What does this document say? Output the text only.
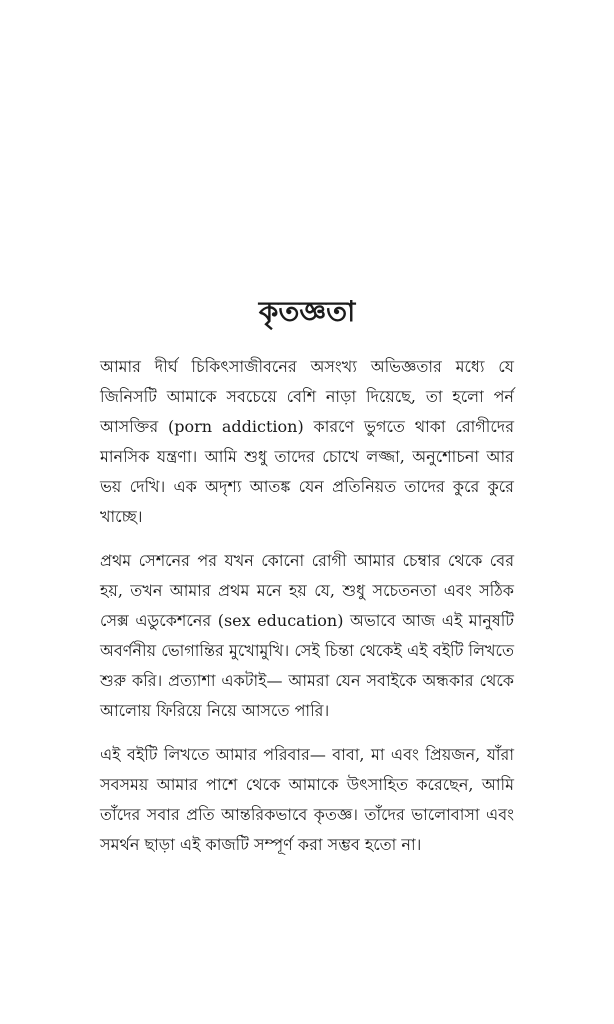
কৃতজ্ঞতা

আমার দীর্ঘ চিকিৎসাজীবনের অসংখ্য অভিজ্ঞতার মধ্যে যে জিনিসটি আমাকে সবচেয়ে বেশি নাড়া দিয়েছে, তা হলো পর্ন আসক্তির (porn addiction) কারণে ভুগতে থাকা রোগীদের মানসিক যন্ত্রণা। আমি শুধু তাদের চোখে লজ্জা, অনুশোচনা আর ভয় দেখি। এক অদৃশ্য আতঙ্ক যেন প্রতিনিয়ত তাদের কুরে কুরে খাচ্ছে।

প্রথম সেশনের পর যখন কোনো রোগী আমার চেম্বার থেকে বের হয়, তখন আমার প্রথম মনে হয় যে, শুধু সচেতনতা এবং সঠিক সেক্স এডুকেশনের (sex education) অভাবে আজ এই মানুষটি অবর্ণনীয় ভোগান্তির মুখোমুখি। সেই চিন্তা থেকেই এই বইটি লিখতে শুরু করি। প্রত্যাশা একটাই— আমরা যেন সবাইকে অন্ধকার থেকে আলোয় ফিরিয়ে নিয়ে আসতে পারি।

এই বইটি লিখতে আমার পরিবার— বাবা, মা এবং প্রিয়জন, যাঁরা সবসময় আমার পাশে থেকে আমাকে উৎসাহিত করেছেন, আমি তাঁদের সবার প্রতি আন্তরিকভাবে কৃতজ্ঞ। তাঁদের ভালোবাসা এবং সমর্থন ছাড়া এই কাজটি সম্পূর্ণ করা সম্ভব হতো না।
